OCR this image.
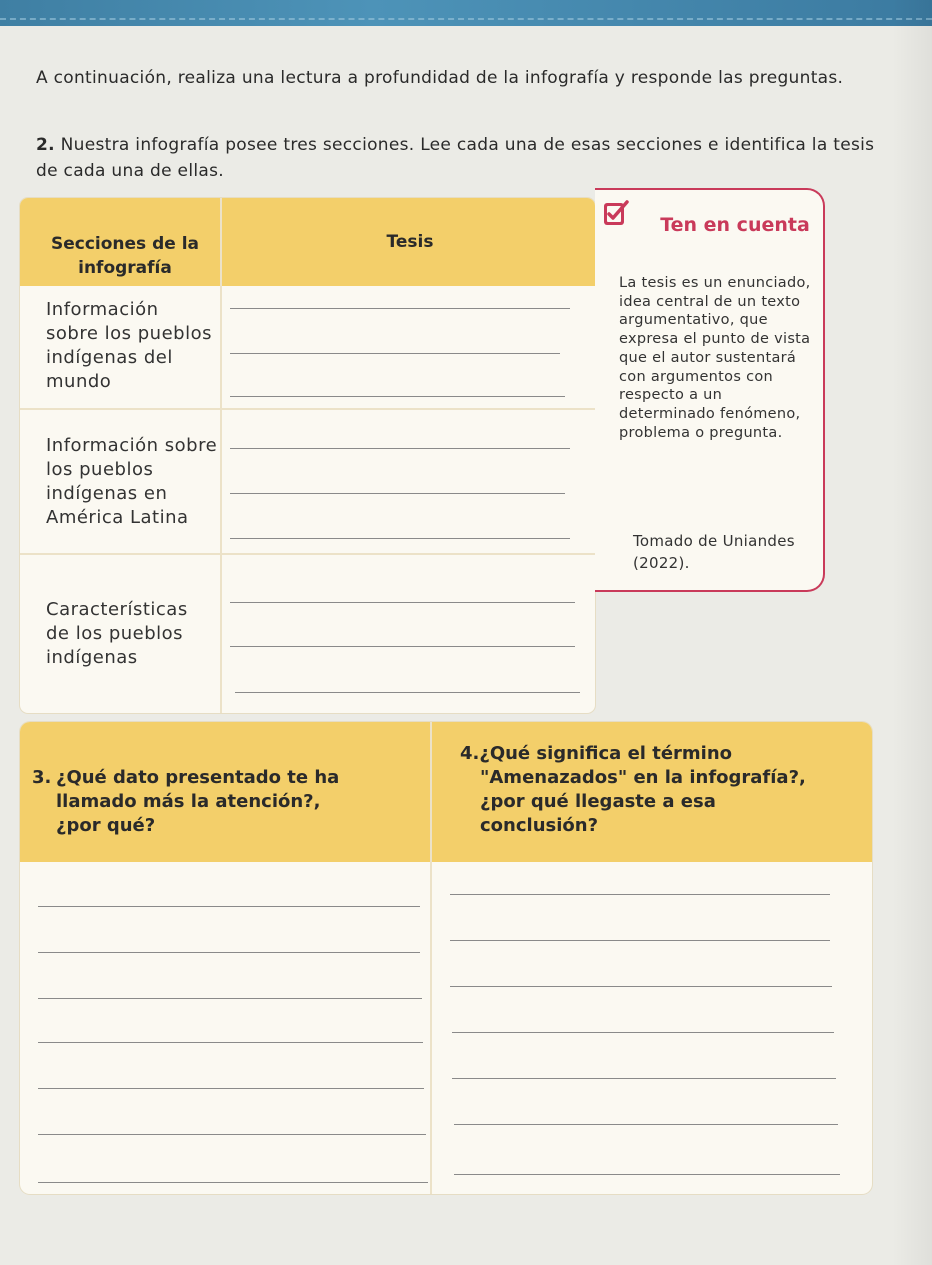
A continuación, realiza una lectura a profundidad de la infografía y responde las preguntas.
2. Nuestra infografía posee tres secciones. Lee cada una de esas secciones e identifica la tesis de cada una de ellas.
Secciones de la infografía
Tesis
Información sobre los pueblos indígenas del mundo
Información sobre los pueblos indígenas en América Latina
Características de los pueblos indígenas
Ten en cuenta
La tesis es un enunciado, idea central de un texto argumentativo, que expresa el punto de vista que el autor sustentará con argumentos con respecto a un determinado fenómeno, problema o pregunta.
Tomado de Uniandes (2022).
3. ¿Qué dato presentado te ha
llamado más la atención?,
¿por qué?
4.¿Qué significa el término
"Amenazados" en la infografía?,
¿por qué llegaste a esa
conclusión?
